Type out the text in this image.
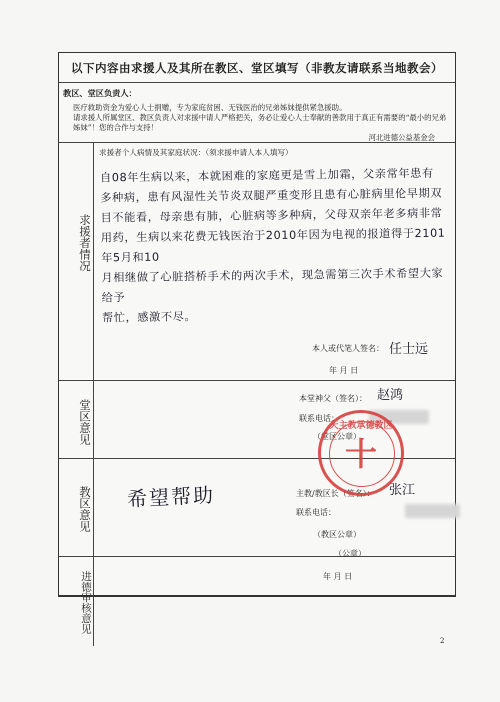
以下内容由求援人及其所在教区、堂区填写（非教友请联系当地教会）
教区、堂区负责人：
医疗救助资金为爱心人士捐赠，专为家庭贫困、无钱医治的兄弟姊妹提供紧急援助。
请求援人所属堂区、教区负责人对求援中请人严格把关，务必让爱心人士奉献的善款用于真正有需要的“最小的兄弟姊妹”！您的合作与支持！
河北进德公益基金会
求援者情况
求援者个人病情及其家庭状况：（须求援申请人本人填写）
自08年生病以来，本就困难的家庭更是雪上加霜，父亲常年患有
多种病，患有风湿性关节炎双腿严重变形且患有心脏病里伦早期双
目不能看，母亲患有肺，心脏病等多种病，父母双亲年老多病非常
用药，生病以来花费无钱医治于2010年因为电视的报道得于2101年5月和10
月相继做了心脏搭桥手术的两次手术，现急需第三次手术希望大家给予
帮忙，感激不尽。
本人或代笔人签名： 任士远
年 月 日
堂区意见
本堂神父（签名）： 赵鸿
联系电话：
（堂区公章）
教区意见 希望帮助	主教/教区长（签名）： 张江
联系电话：
（教区公章）
进德审核意见
（公章）
年 月 日
天主教承德教区
十
2
